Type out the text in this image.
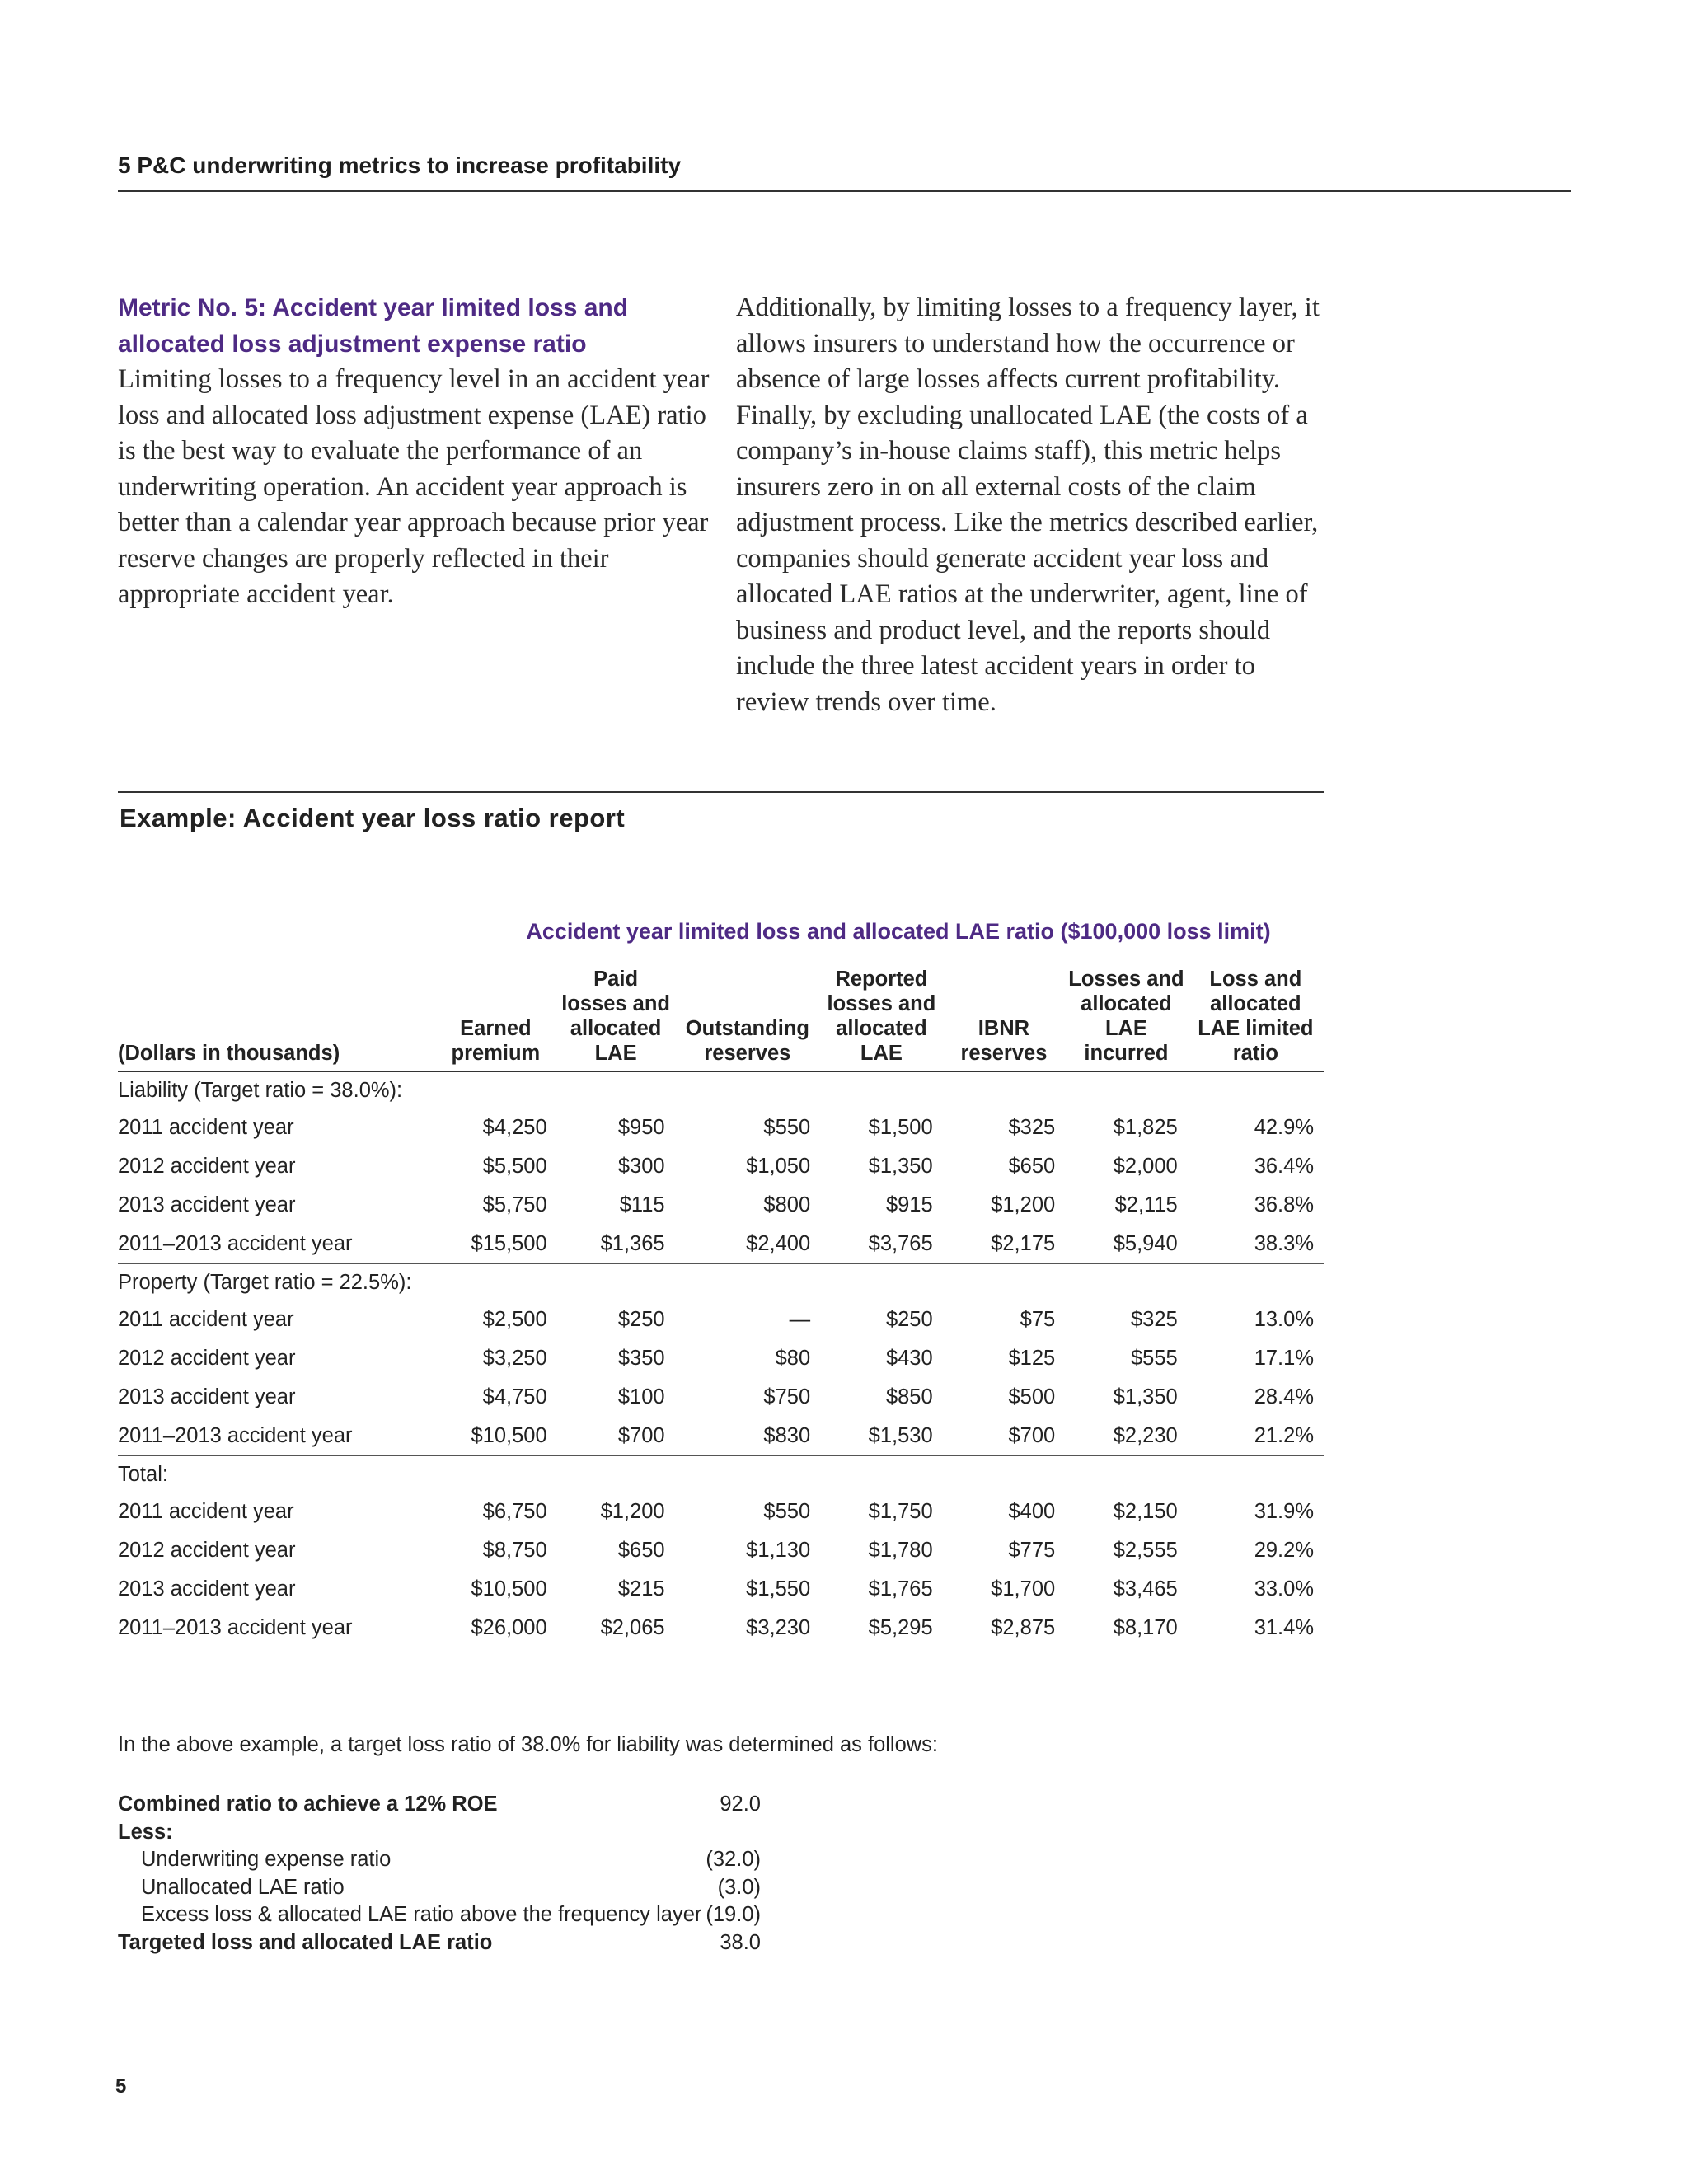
5 P&C underwriting metrics to increase profitability
Metric No. 5: Accident year limited loss and allocated loss adjustment expense ratio
Limiting losses to a frequency level in an accident year loss and allocated loss adjustment expense (LAE) ratio is the best way to evaluate the performance of an underwriting operation. An accident year approach is better than a calendar year approach because prior year reserve changes are properly reflected in their appropriate accident year.
Additionally, by limiting losses to a frequency layer, it allows insurers to understand how the occurrence or absence of large losses affects current profitability. Finally, by excluding unallocated LAE (the costs of a company’s in-house claims staff), this metric helps insurers zero in on all external costs of the claim adjustment process. Like the metrics described earlier, companies should generate accident year loss and allocated LAE ratios at the underwriter, agent, line of business and product level, and the reports should include the three latest accident years in order to review trends over time.
Example: Accident year loss ratio report
Accident year limited loss and allocated LAE ratio ($100,000 loss limit)
(Dollars in thousands)	Earned premium	Paid losses and allocated LAE	Outstanding reserves	Reported losses and allocated LAE	IBNR reserves	Losses and allocated LAE incurred	Loss and allocated LAE limited ratio
Liability (Target ratio = 38.0%):							
2011 accident year	$4,250	$950	$550	$1,500	$325	$1,825	42.9%
2012 accident year	$5,500	$300	$1,050	$1,350	$650	$2,000	36.4%
2013 accident year	$5,750	$115	$800	$915	$1,200	$2,115	36.8%
2011–2013 accident year	$15,500	$1,365	$2,400	$3,765	$2,175	$5,940	38.3%
Property (Target ratio = 22.5%):							
2011 accident year	$2,500	$250	—	$250	$75	$325	13.0%
2012 accident year	$3,250	$350	$80	$430	$125	$555	17.1%
2013 accident year	$4,750	$100	$750	$850	$500	$1,350	28.4%
2011–2013 accident year	$10,500	$700	$830	$1,530	$700	$2,230	21.2%
Total:							
2011 accident year	$6,750	$1,200	$550	$1,750	$400	$2,150	31.9%
2012 accident year	$8,750	$650	$1,130	$1,780	$775	$2,555	29.2%
2013 accident year	$10,500	$215	$1,550	$1,765	$1,700	$3,465	33.0%
2011–2013 accident year	$26,000	$2,065	$3,230	$5,295	$2,875	$8,170	31.4%
In the above example, a target loss ratio of 38.0% for liability was determined as follows:
Combined ratio to achieve a 12% ROE	92.0
Less:
Underwriting expense ratio	(32.0)
Unallocated LAE ratio	(3.0)
Excess loss & allocated LAE ratio above the frequency layer (19.0)
Targeted loss and allocated LAE ratio	38.0
5
